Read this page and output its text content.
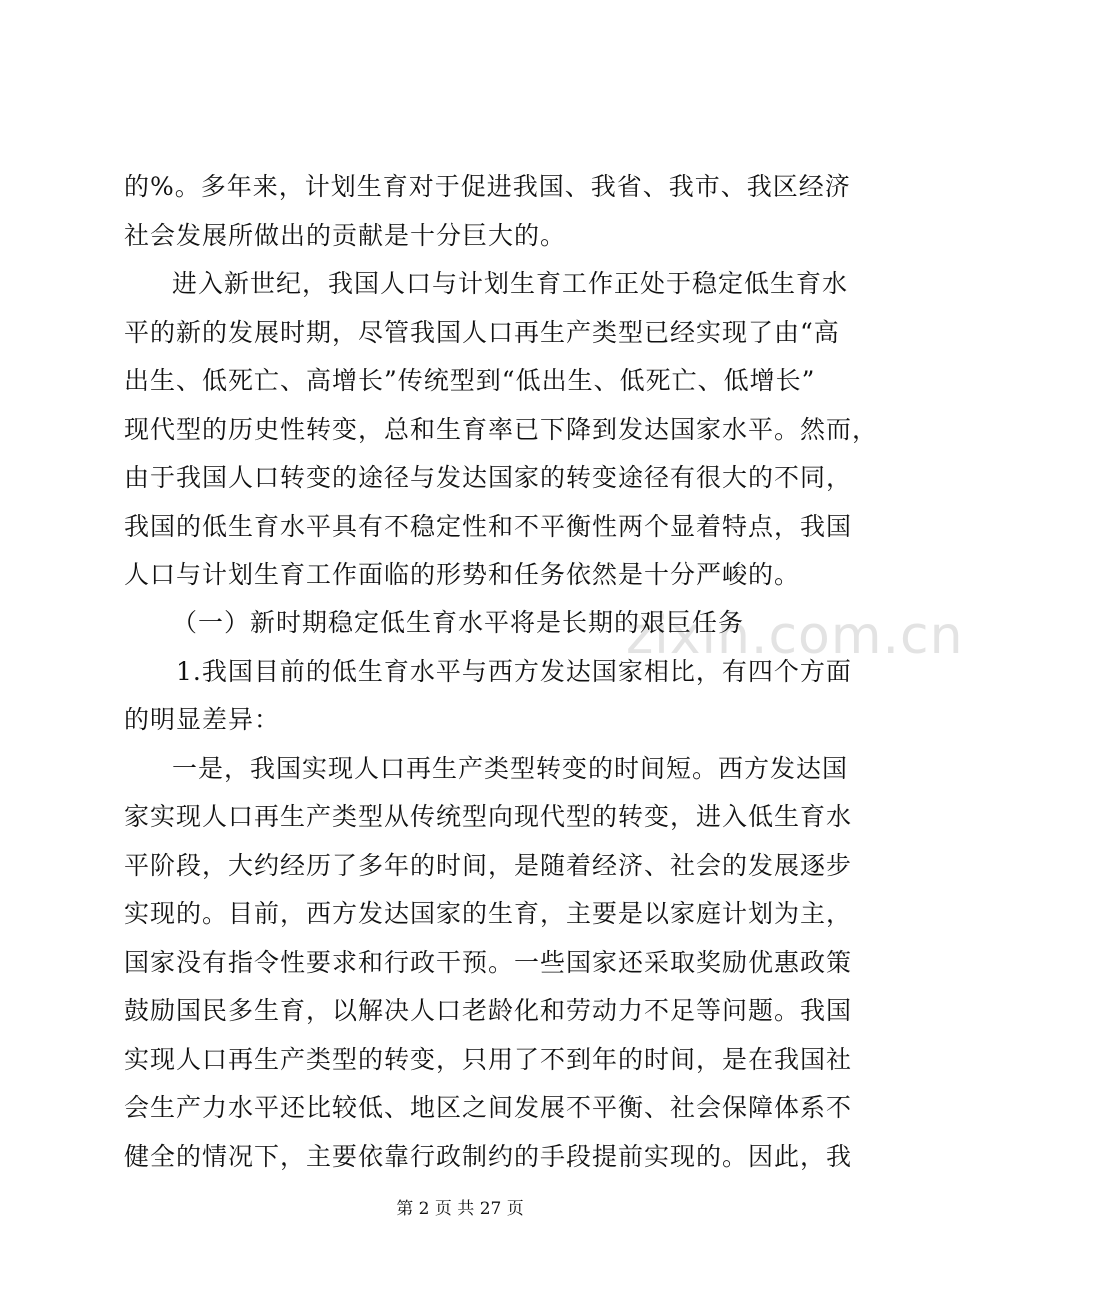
zixin.com.cn
的%。多年来，计划生育对于促进我国、我省、我市、我区经济
社会发展所做出的贡献是十分巨大的。
进入新世纪，我国人口与计划生育工作正处于稳定低生育水
平的新的发展时期，尽管我国人口再生产类型已经实现了由“高
出生、低死亡、高增长”传统型到“低出生、低死亡、低增长”
现代型的历史性转变，总和生育率已下降到发达国家水平。然而，
由于我国人口转变的途径与发达国家的转变途径有很大的不同，
我国的低生育水平具有不稳定性和不平衡性两个显着特点，我国
人口与计划生育工作面临的形势和任务依然是十分严峻的。
（一）新时期稳定低生育水平将是长期的艰巨任务
1.我国目前的低生育水平与西方发达国家相比，有四个方面
的明显差异：
一是，我国实现人口再生产类型转变的时间短。西方发达国
家实现人口再生产类型从传统型向现代型的转变，进入低生育水
平阶段，大约经历了多年的时间，是随着经济、社会的发展逐步
实现的。目前，西方发达国家的生育，主要是以家庭计划为主，
国家没有指令性要求和行政干预。一些国家还采取奖励优惠政策
鼓励国民多生育，以解决人口老龄化和劳动力不足等问题。我国
实现人口再生产类型的转变，只用了不到年的时间，是在我国社
会生产力水平还比较低、地区之间发展不平衡、社会保障体系不
健全的情况下，主要依靠行政制约的手段提前实现的。因此，我
第 2 页 共 27 页
